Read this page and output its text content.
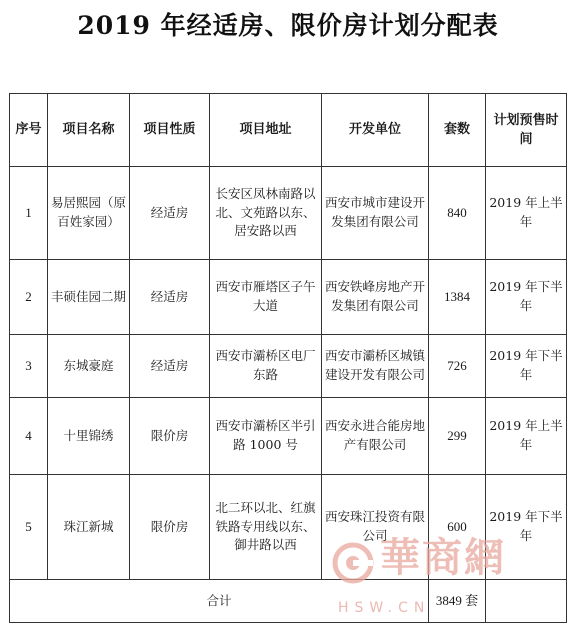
2019 年经适房、限价房计划分配表
序号	项目名称	项目性质	项目地址	开发单位	套数	计划预售时间
1	易居熙园（原百姓家园）	经适房	长安区凤林南路以北、文苑路以东、居安路以西	西安市城市建设开发集团有限公司	840	2019 年上半年
2	丰硕佳园二期	经适房	西安市雁塔区子午大道	西安铁峰房地产开发集团有限公司	1384	2019 年下半年
3	东城豪庭	经适房	西安市灞桥区电厂东路	西安市灞桥区城镇建设开发有限公司	726	2019 年下半年
4	十里锦绣	限价房	西安市灞桥区半引路 1000 号	西安永进合能房地产有限公司	299	2019 年上半年
5	珠江新城	限价房	北二环以北、红旗铁路专用线以东、御井路以西	西安珠江投资有限公司	600	2019 年下半年
合计					3849 套	
華商網
HSW.CN
